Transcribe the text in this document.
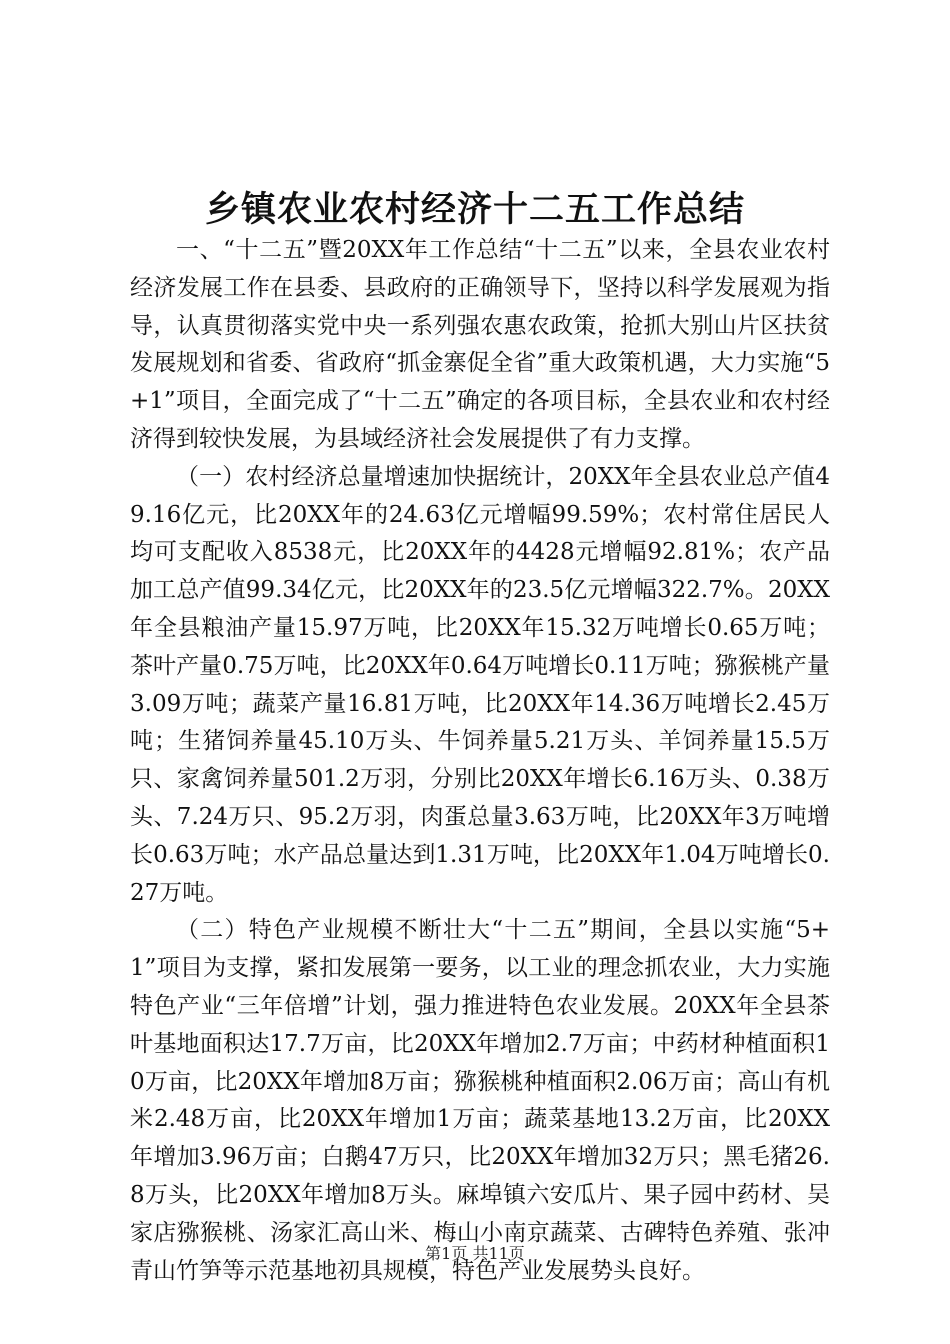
乡镇农业农村经济十二五工作总结

一、“十二五”暨20XX年工作总结“十二五”以来，全县农业农村经济发展工作在县委、县政府的正确领导下，坚持以科学发展观为指导，认真贯彻落实党中央一系列强农惠农政策，抢抓大别山片区扶贫发展规划和省委、省政府“抓金寨促全省”重大政策机遇，大力实施“5+1”项目，全面完成了“十二五”确定的各项目标，全县农业和农村经济得到较快发展，为县域经济社会发展提供了有力支撑。

（一）农村经济总量增速加快据统计，20XX年全县农业总产值49.16亿元，比20XX年的24.63亿元增幅99.59%；农村常住居民人均可支配收入8538元，比20XX年的4428元增幅92.81%；农产品加工总产值99.34亿元，比20XX年的23.5亿元增幅322.7%。20XX年全县粮油产量15.97万吨，比20XX年15.32万吨增长0.65万吨；茶叶产量0.75万吨，比20XX年0.64万吨增长0.11万吨；猕猴桃产量3.09万吨；蔬菜产量16.81万吨，比20XX年14.36万吨增长2.45万吨；生猪饲养量45.10万头、牛饲养量5.21万头、羊饲养量15.5万只、家禽饲养量501.2万羽，分别比20XX年增长6.16万头、0.38万头、7.24万只、95.2万羽，肉蛋总量3.63万吨，比20XX年3万吨增长0.63万吨；水产品总量达到1.31万吨，比20XX年1.04万吨增长0.27万吨。

（二）特色产业规模不断壮大“十二五”期间，全县以实施“5+1”项目为支撑，紧扣发展第一要务，以工业的理念抓农业，大力实施特色产业“三年倍增”计划，强力推进特色农业发展。20XX年全县茶叶基地面积达17.7万亩，比20XX年增加2.7万亩；中药材种植面积10万亩，比20XX年增加8万亩；猕猴桃种植面积2.06万亩；高山有机米2.48万亩，比20XX年增加1万亩；蔬菜基地13.2万亩，比20XX年增加3.96万亩；白鹅47万只，比20XX年增加32万只；黑毛猪26.8万头，比20XX年增加8万头。麻埠镇六安瓜片、果子园中药材、吴家店猕猴桃、汤家汇高山米、梅山小南京蔬菜、古碑特色养殖、张冲青山竹笋等示范基地初具规模，特色产业发展势头良好。

第1页 共11页
